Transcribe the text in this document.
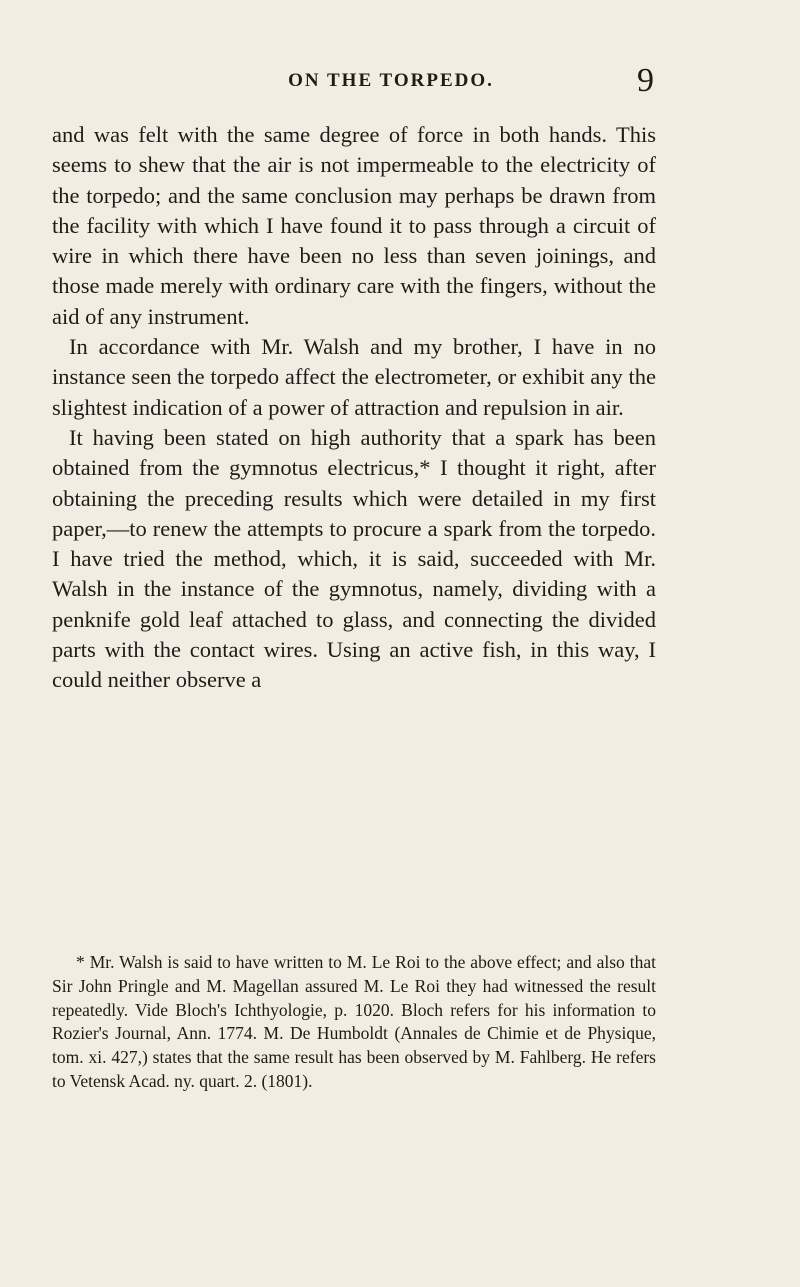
ON THE TORPEDO.	9

and was felt with the same degree of force in both hands. This seems to shew that the air is not impermeable to the electricity of the torpedo; and the same conclusion may perhaps be drawn from the facility with which I have found it to pass through a circuit of wire in which there have been no less than seven joinings, and those made merely with ordinary care with the fingers, without the aid of any instrument.

In accordance with Mr. Walsh and my brother, I have in no instance seen the torpedo affect the electrometer, or exhibit any the slightest indication of a power of attraction and repulsion in air.

It having been stated on high authority that a spark has been obtained from the gymnotus electricus,* I thought it right, after obtaining the preceding results which were detailed in my first paper,—to renew the attempts to procure a spark from the torpedo. I have tried the method, which, it is said, succeeded with Mr. Walsh in the instance of the gymnotus, namely, dividing with a penknife gold leaf attached to glass, and connecting the divided parts with the contact wires. Using an active fish, in this way, I could neither observe a

* Mr. Walsh is said to have written to M. Le Roi to the above effect; and also that Sir John Pringle and M. Magellan assured M. Le Roi they had witnessed the result repeatedly. Vide Bloch's Ichthyologie, p. 1020. Bloch refers for his information to Rozier's Journal, Ann. 1774. M. De Humboldt (Annales de Chimie et de Physique, tom. xi. 427,) states that the same result has been observed by M. Fahlberg. He refers to Vetensk Acad. ny. quart. 2. (1801).
